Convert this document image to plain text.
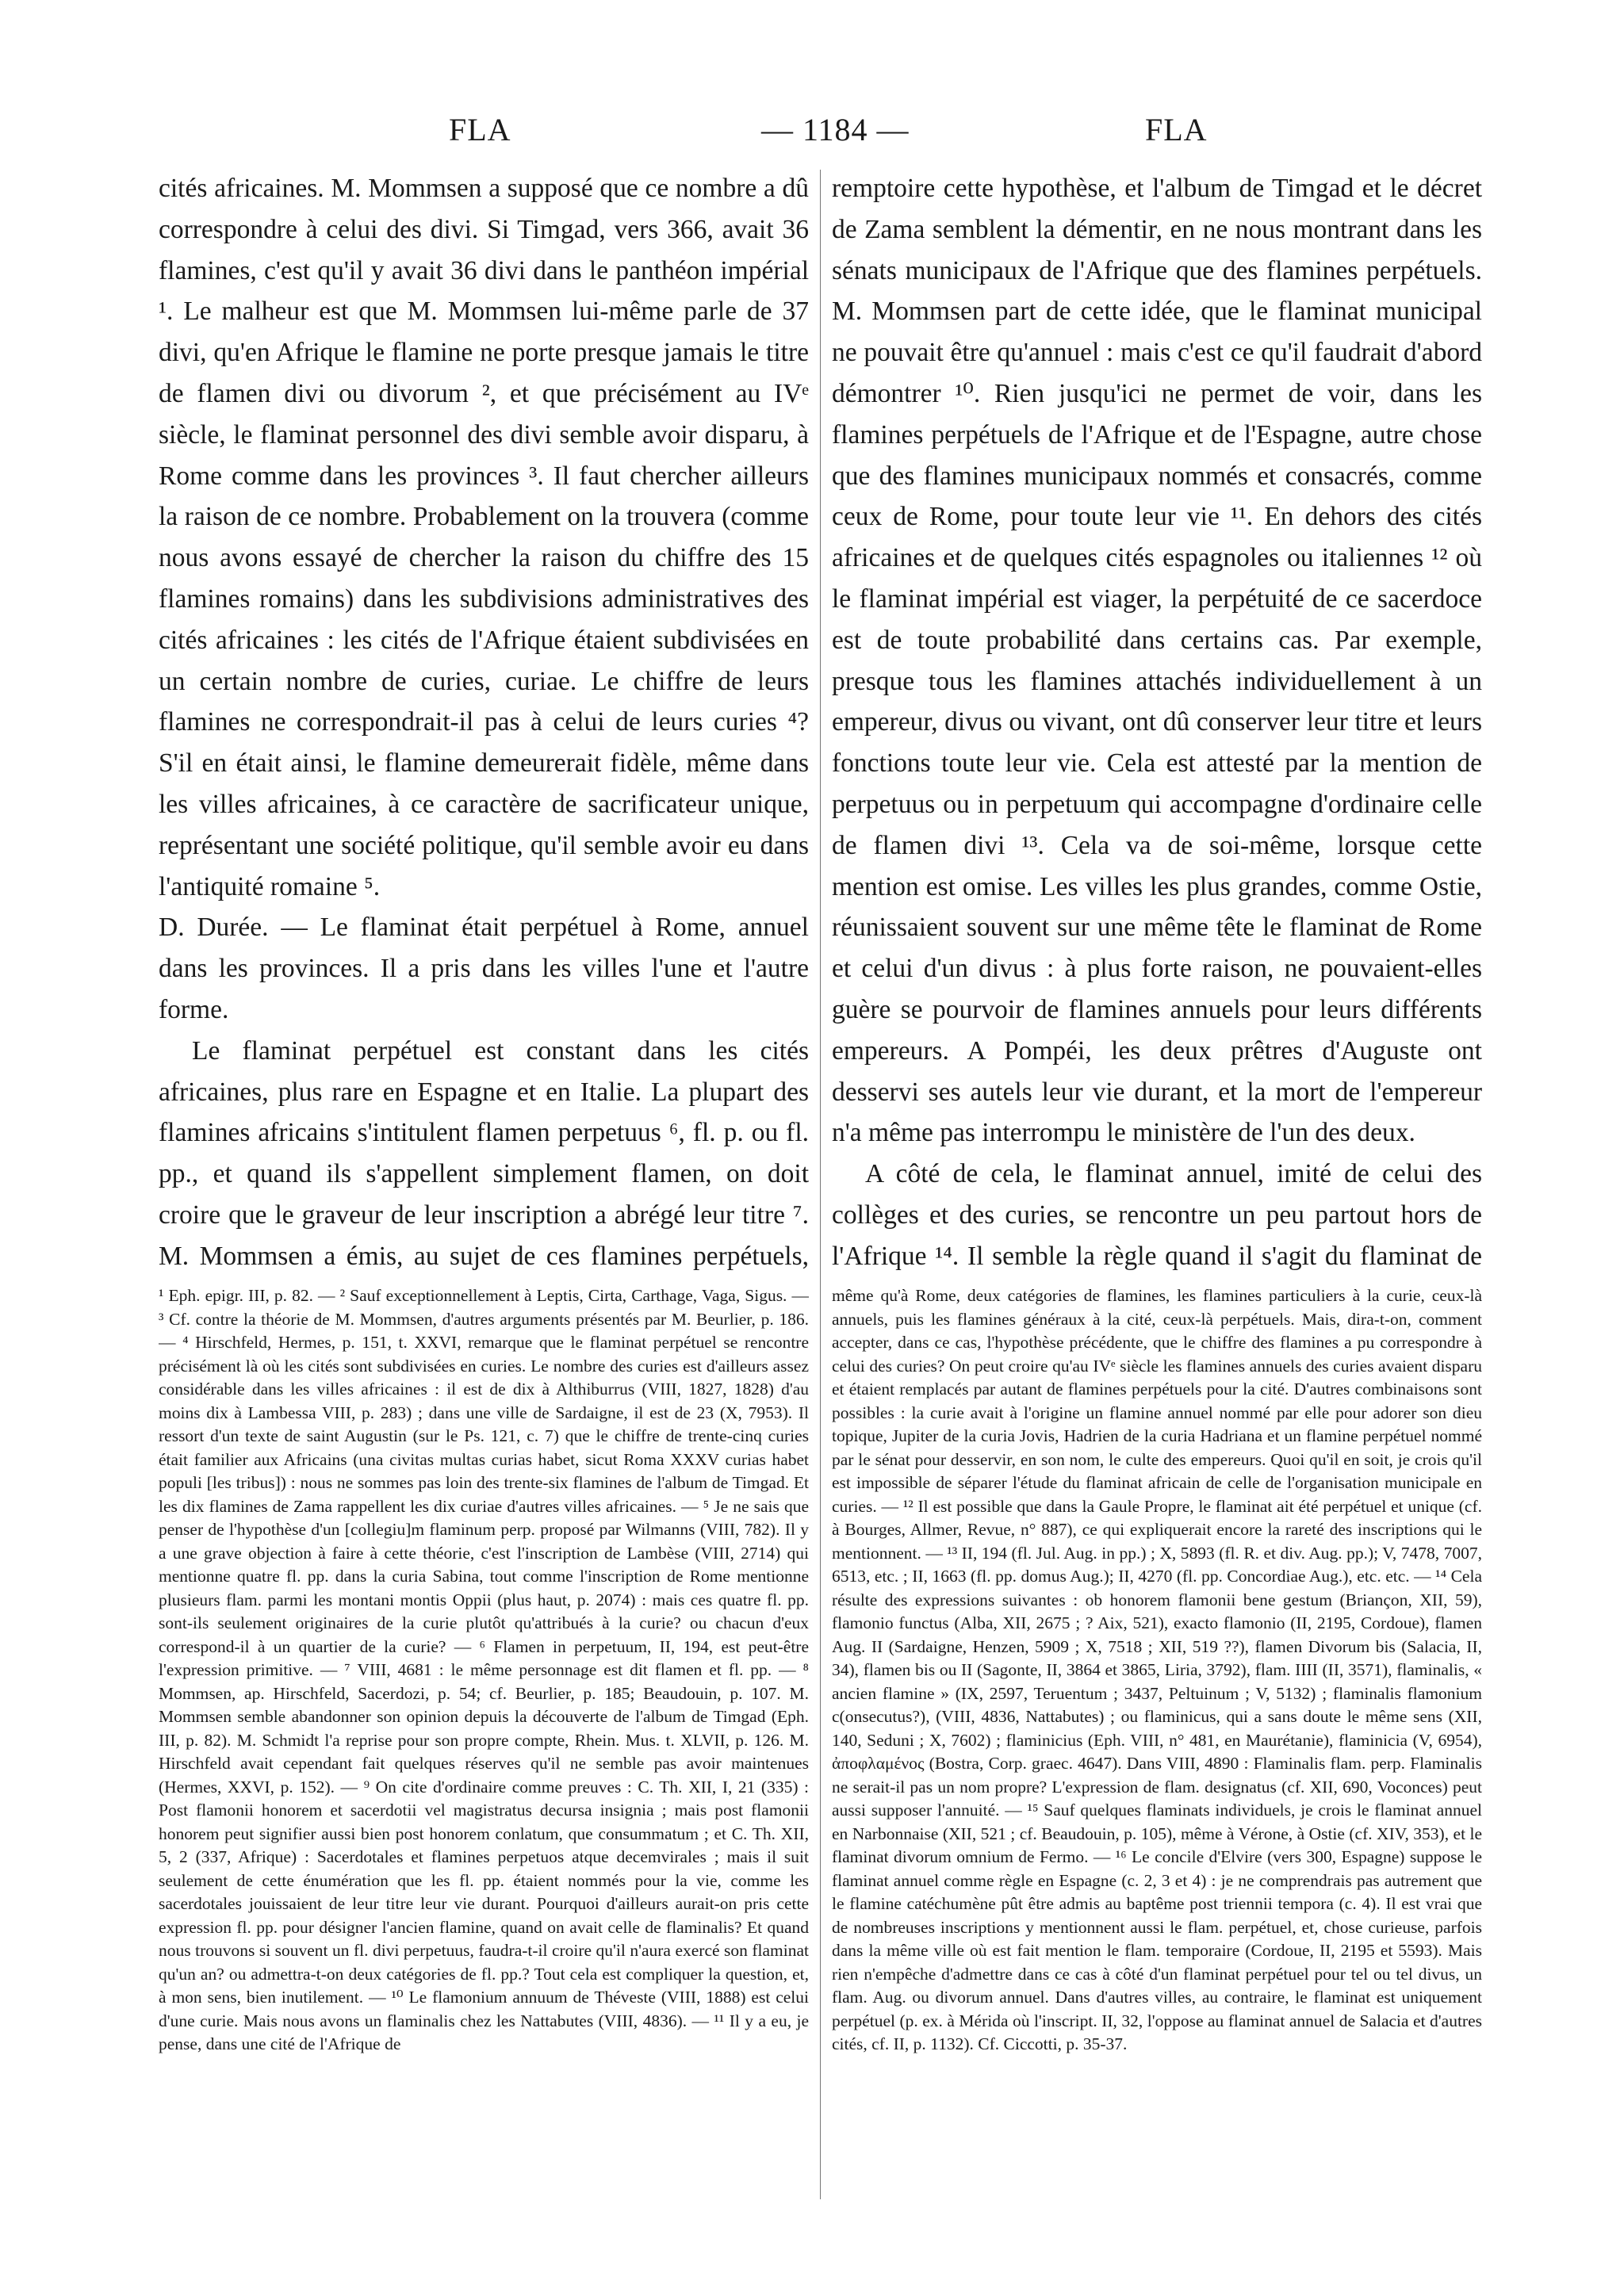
FLA	— 1184 —	FLA

cités africaines. M. Mommsen a supposé que ce nombre a dû correspondre à celui des divi. Si Timgad, vers 366, avait 36 flamines, c'est qu'il y avait 36 divi dans le panthéon impérial ¹. Le malheur est que M. Mommsen lui-même parle de 37 divi, qu'en Afrique le flamine ne porte presque jamais le titre de flamen divi ou divorum ², et que précisément au IVᵉ siècle, le flaminat personnel des divi semble avoir disparu, à Rome comme dans les provinces ³. Il faut chercher ailleurs la raison de ce nombre. Probablement on la trouvera (comme nous avons essayé de chercher la raison du chiffre des 15 flamines romains) dans les subdivisions administratives des cités africaines : les cités de l'Afrique étaient subdivisées en un certain nombre de curies, curiae. Le chiffre de leurs flamines ne correspondrait-il pas à celui de leurs curies ⁴? S'il en était ainsi, le flamine demeurerait fidèle, même dans les villes africaines, à ce caractère de sacrificateur unique, représentant une société politique, qu'il semble avoir eu dans l'antiquité romaine ⁵.

D. Durée. — Le flaminat était perpétuel à Rome, annuel dans les provinces. Il a pris dans les villes l'une et l'autre forme.

Le flaminat perpétuel est constant dans les cités africaines, plus rare en Espagne et en Italie. La plupart des flamines africains s'intitulent flamen perpetuus ⁶, fl. p. ou fl. pp., et quand ils s'appellent simplement flamen, on doit croire que le graveur de leur inscription a abrégé leur titre ⁷. M. Mommsen a émis, au sujet de ces flamines perpétuels,

remptoire cette hypothèse, et l'album de Timgad et le décret de Zama semblent la démentir, en ne nous montrant dans les sénats municipaux de l'Afrique que des flamines perpétuels. M. Mommsen part de cette idée, que le flaminat municipal ne pouvait être qu'annuel : mais c'est ce qu'il faudrait d'abord démontrer ¹⁰. Rien jusqu'ici ne permet de voir, dans les flamines perpétuels de l'Afrique et de l'Espagne, autre chose que des flamines municipaux nommés et consacrés, comme ceux de Rome, pour toute leur vie ¹¹. En dehors des cités africaines et de quelques cités espagnoles ou italiennes ¹² où le flaminat impérial est viager, la perpétuité de ce sacerdoce est de toute probabilité dans certains cas. Par exemple, presque tous les flamines attachés individuellement à un empereur, divus ou vivant, ont dû conserver leur titre et leurs fonctions toute leur vie. Cela est attesté par la mention de perpetuus ou in perpetuum qui accompagne d'ordinaire celle de flamen divi ¹³. Cela va de soi-même, lorsque cette mention est omise. Les villes les plus grandes, comme Ostie, réunissaient souvent sur une même tête le flaminat de Rome et celui d'un divus : à plus forte raison, ne pouvaient-elles guère se pourvoir de flamines annuels pour leurs différents empereurs. A Pompéi, les deux prêtres d'Auguste ont desservi ses autels leur vie durant, et la mort de l'empereur n'a même pas interrompu le ministère de l'un des deux.

A côté de cela, le flaminat annuel, imité de celui des collèges et des curies, se rencontre un peu partout hors de l'Afrique ¹⁴. Il semble la règle quand il s'agit du flaminat de

¹ Eph. epigr. III, p. 82. — ² Sauf exceptionnellement à Leptis, Cirta, Carthage, Vaga, Sigus. — ³ Cf. contre la théorie de M. Mommsen, d'autres arguments présentés par M. Beurlier, p. 186. — ⁴ Hirschfeld, Hermes, p. 151, t. XXVI, remarque que le flaminat perpétuel se rencontre précisément là où les cités sont subdivisées en curies. Le nombre des curies est d'ailleurs assez considérable dans les villes africaines : il est de dix à Althiburrus (VIII, 1827, 1828) d'au moins dix à Lambessa VIII, p. 283) ; dans une ville de Sardaigne, il est de 23 (X, 7953). Il ressort d'un texte de saint Augustin (sur le Ps. 121, c. 7) que le chiffre de trente-cinq curies était familier aux Africains (una civitas multas curias habet, sicut Roma XXXV curias habet populi [les tribus]) : nous ne sommes pas loin des trente-six flamines de l'album de Timgad. Et les dix flamines de Zama rappellent les dix curiae d'autres villes africaines. — ⁵ Je ne sais que penser de l'hypothèse d'un [collegiu]m flaminum perp. proposé par Wilmanns (VIII, 782). Il y a une grave objection à faire à cette théorie, c'est l'inscription de Lambèse (VIII, 2714) qui mentionne quatre fl. pp. dans la curia Sabina, tout comme l'inscription de Rome mentionne plusieurs flam. parmi les montani montis Oppii (plus haut, p. 2074) : mais ces quatre fl. pp. sont-ils seulement originaires de la curie plutôt qu'attribués à la curie? ou chacun d'eux correspond-il à un quartier de la curie? — ⁶ Flamen in perpetuum, II, 194, est peut-être l'expression primitive. — ⁷ VIII, 4681 : le même personnage est dit flamen et fl. pp. — ⁸ Mommsen, ap. Hirschfeld, Sacerdozi, p. 54; cf. Beurlier, p. 185; Beaudouin, p. 107. M. Mommsen semble abandonner son opinion depuis la découverte de l'album de Timgad (Eph. III, p. 82). M. Schmidt l'a reprise pour son propre compte, Rhein. Mus. t. XLVII, p. 126. M. Hirschfeld avait cependant fait quelques réserves qu'il ne semble pas avoir maintenues (Hermes, XXVI, p. 152). — ⁹ On cite d'ordinaire comme preuves : C. Th. XII, I, 21 (335) : Post flamonii honorem et sacerdotii vel magistratus decursa insignia ; mais post flamonii honorem peut signifier aussi bien post honorem conlatum, que consummatum ; et C. Th. XII, 5, 2 (337, Afrique) : Sacerdotales et flamines perpetuos atque decemvirales ; mais il suit seulement de cette énumération que les fl. pp. étaient nommés pour la vie, comme les sacerdotales jouissaient de leur titre leur vie durant. Pourquoi d'ailleurs aurait-on pris cette expression fl. pp. pour désigner l'ancien flamine, quand on avait celle de flaminalis? Et quand nous trouvons si souvent un fl. divi perpetuus, faudra-t-il croire qu'il n'aura exercé son flaminat qu'un an? ou admettra-t-on deux catégories de fl. pp.? Tout cela est compliquer la question, et, à mon sens, bien inutilement. — ¹⁰ Le flamonium annuum de Théveste (VIII, 1888) est celui d'une curie. Mais nous avons un flaminalis chez les Nattabutes (VIII, 4836). — ¹¹ Il y a eu, je pense, dans une cité de l'Afrique de

même qu'à Rome, deux catégories de flamines, les flamines particuliers à la curie, ceux-là annuels, puis les flamines généraux à la cité, ceux-là perpétuels. Mais, dira-t-on, comment accepter, dans ce cas, l'hypothèse précédente, que le chiffre des flamines a pu correspondre à celui des curies? On peut croire qu'au IVᵉ siècle les flamines annuels des curies avaient disparu et étaient remplacés par autant de flamines perpétuels pour la cité. D'autres combinaisons sont possibles : la curie avait à l'origine un flamine annuel nommé par elle pour adorer son dieu topique, Jupiter de la curia Jovis, Hadrien de la curia Hadriana et un flamine perpétuel nommé par le sénat pour desservir, en son nom, le culte des empereurs. Quoi qu'il en soit, je crois qu'il est impossible de séparer l'étude du flaminat africain de celle de l'organisation municipale en curies. — ¹² Il est possible que dans la Gaule Propre, le flaminat ait été perpétuel et unique (cf. à Bourges, Allmer, Revue, n° 887), ce qui expliquerait encore la rareté des inscriptions qui le mentionnent. — ¹³ II, 194 (fl. Jul. Aug. in pp.) ; X, 5893 (fl. R. et div. Aug. pp.); V, 7478, 7007, 6513, etc. ; II, 1663 (fl. pp. domus Aug.); II, 4270 (fl. pp. Concordiae Aug.), etc. etc. — ¹⁴ Cela résulte des expressions suivantes : ob honorem flamonii bene gestum (Briançon, XII, 59), flamonio functus (Alba, XII, 2675 ; ? Aix, 521), exacto flamonio (II, 2195, Cordoue), flamen Aug. II (Sardaigne, Henzen, 5909 ; X, 7518 ; XII, 519 ??), flamen Divorum bis (Salacia, II, 34), flamen bis ou II (Sagonte, II, 3864 et 3865, Liria, 3792), flam. IIII (II, 3571), flaminalis, « ancien flamine » (IX, 2597, Teruentum ; 3437, Peltuinum ; V, 5132) ; flaminalis flamonium c(onsecutus?), (VIII, 4836, Nattabutes) ; ou flaminicus, qui a sans doute le même sens (XII, 140, Seduni ; X, 7602) ; flaminicius (Eph. VIII, n° 481, en Maurétanie), flaminicia (V, 6954), ἀποφλαμένος (Bostra, Corp. graec. 4647). Dans VIII, 4890 : Flaminalis flam. perp. Flaminalis ne serait-il pas un nom propre? L'expression de flam. designatus (cf. XII, 690, Voconces) peut aussi supposer l'annuité. — ¹⁵ Sauf quelques flaminats individuels, je crois le flaminat annuel en Narbonnaise (XII, 521 ; cf. Beaudouin, p. 105), même à Vérone, à Ostie (cf. XIV, 353), et le flaminat divorum omnium de Fermo. — ¹⁶ Le concile d'Elvire (vers 300, Espagne) suppose le flaminat annuel comme règle en Espagne (c. 2, 3 et 4) : je ne comprendrais pas autrement que le flamine catéchumène pût être admis au baptême post triennii tempora (c. 4). Il est vrai que de nombreuses inscriptions y mentionnent aussi le flam. perpétuel, et, chose curieuse, parfois dans la même ville où est fait mention le flam. temporaire (Cordoue, II, 2195 et 5593). Mais rien n'empêche d'admettre dans ce cas à côté d'un flaminat perpétuel pour tel ou tel divus, un flam. Aug. ou divorum annuel. Dans d'autres villes, au contraire, le flaminat est uniquement perpétuel (p. ex. à Mérida où l'inscript. II, 32, l'oppose au flaminat annuel de Salacia et d'autres cités, cf. II, p. 1132). Cf. Ciccotti, p. 35-37.
